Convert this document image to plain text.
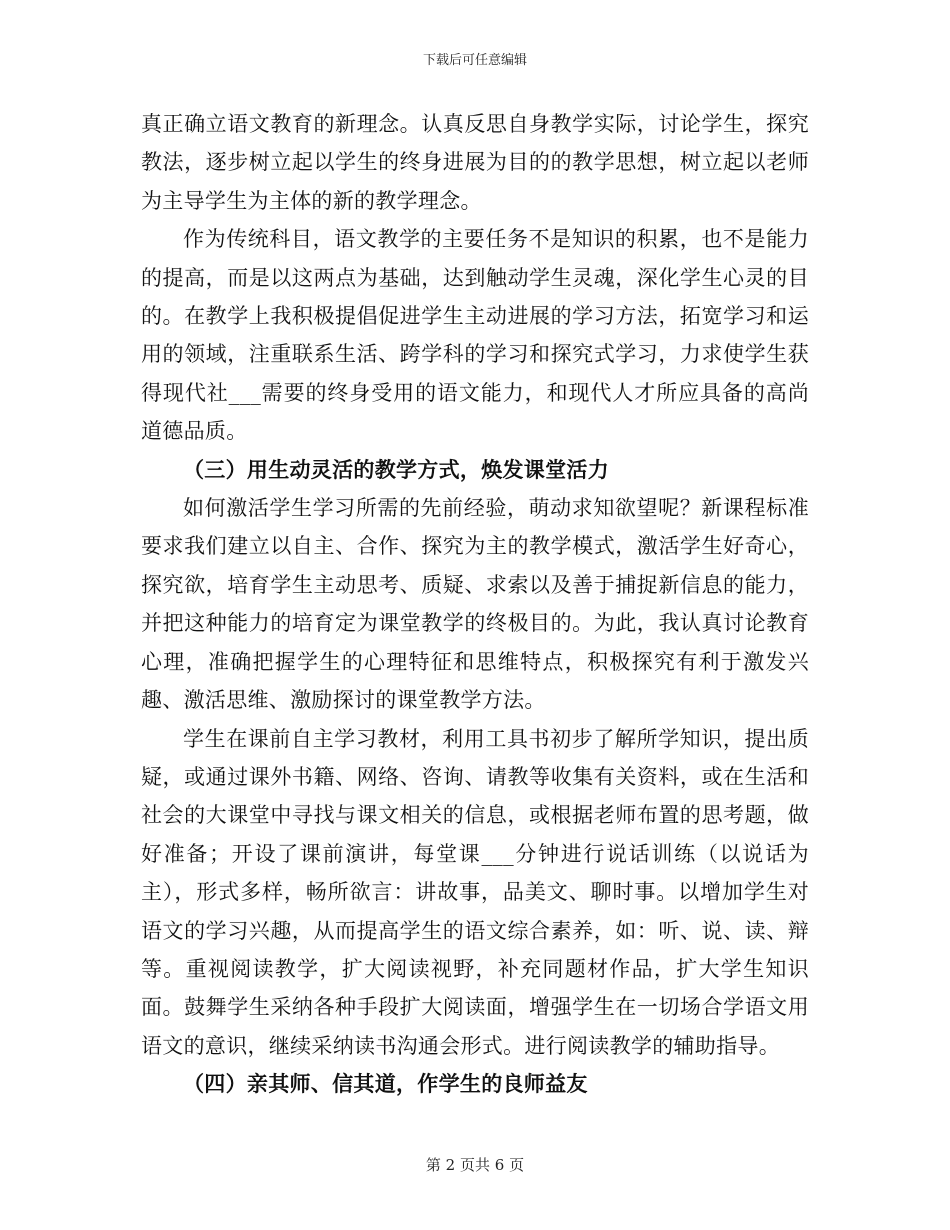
下载后可任意编辑

真正确立语文教育的新理念。认真反思自身教学实际，讨论学生，探究教法，逐步树立起以学生的终身进展为目的的教学思想，树立起以老师为主导学生为主体的新的教学理念。

作为传统科目，语文教学的主要任务不是知识的积累，也不是能力的提高，而是以这两点为基础，达到触动学生灵魂，深化学生心灵的目的。在教学上我积极提倡促进学生主动进展的学习方法，拓宽学习和运用的领域，注重联系生活、跨学科的学习和探究式学习，力求使学生获得现代社___需要的终身受用的语文能力，和现代人才所应具备的高尚道德品质。

（三）用生动灵活的教学方式，焕发课堂活力

如何激活学生学习所需的先前经验，萌动求知欲望呢？新课程标准要求我们建立以自主、合作、探究为主的教学模式，激活学生好奇心，探究欲，培育学生主动思考、质疑、求索以及善于捕捉新信息的能力，并把这种能力的培育定为课堂教学的终极目的。为此，我认真讨论教育心理，准确把握学生的心理特征和思维特点，积极探究有利于激发兴趣、激活思维、激励探讨的课堂教学方法。

学生在课前自主学习教材，利用工具书初步了解所学知识，提出质疑，或通过课外书籍、网络、咨询、请教等收集有关资料，或在生活和社会的大课堂中寻找与课文相关的信息，或根据老师布置的思考题，做好准备；开设了课前演讲，每堂课___分钟进行说话训练（以说话为主），形式多样，畅所欲言：讲故事，品美文、聊时事。以增加学生对语文的学习兴趣，从而提高学生的语文综合素养，如：听、说、读、辩等。重视阅读教学，扩大阅读视野，补充同题材作品，扩大学生知识面。鼓舞学生采纳各种手段扩大阅读面，增强学生在一切场合学语文用语文的意识，继续采纳读书沟通会形式。进行阅读教学的辅助指导。

（四）亲其师、信其道，作学生的良师益友

第 2 页共 6 页
